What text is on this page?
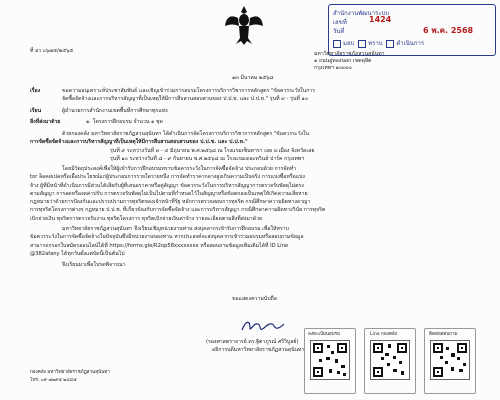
สำนักงานพัฒนาระบบ
เลขที่	1424
วันที่	6 พ.ค. 2568
มอบ ทราบ ดำเนินการ
ที่ อว ๐๖๗๕/๒๕๖๕	มหาวิทยาลัยราชภัฏสวนสุนันทา
๑ ถนนอู่ทองนอก เขตดุสิต
กรุงเทพฯ ๑๐๓๐๐
๑๓ มีนาคม ๒๕๖๘
เรื่อง	ขอความอนุเคราะห์ประชาสัมพันธ์ และเชิญเข้าร่วมการอบรมโครงการบริการวิชาการหลักสูตร "ข้อควรระวังในการ
จัดซื้อจัดจ้างและการบริหารสัญญาที่เป็นเหตุให้มีการสืบสวนสอบสวนของ ป.ป.ช. และ ป.ป.ท." รุ่นที่ ๙ - รุ่นที่ ๑๐
เรียน	ผู้อำนวยการสำนักงานเขตพื้นที่การศึกษาทุกแห่ง
สิ่งที่ส่งมาด้วย	๑. โครงการฝึกอบรม จำนวน ๑ ชุด
ด้วยกองคลัง มหาวิทยาลัยราชภัฏสวนสุนันทา ได้ดำเนินการจัดโครงการบริการวิชาการหลักสูตร "ข้อควรระวังใน
การจัดซื้อจัดจ้างและการบริหารสัญญาที่เป็นเหตุให้มีการสืบสวนสอบสวนของ ป.ป.ช. และ ป.ป.ท."
รุ่นที่ ๙ ระหว่างวันที่ ๓ - ๔ มิถุนายน พ.ศ.๒๕๖๘ ณ โรงแรมเซ็นทารา เลย อ.เมือง จังหวัดเลย
รุ่นที่ ๑๐ ระหว่างวันที่ ๘ - ๙ กันยายน พ.ศ.๒๕๖๘ ณ โรงแรมเดอะทวินส์ ปาร์ค กรุงเทพฯ
โดยมีวัตถุประสงค์เพื่อให้ผู้เข้ารับการฝึกอบรมทราบข้อควรระวังในการจัดซื้อจัดจ้าง ประกอบด้วย การจัดทำ
tor ล็อคสเปคหรือเอื้อประโยชน์แก่ผู้ประกอบการรายใดรายหนึ่ง การจัดทำราคากลางสูงเกินความเป็นจริง การแบ่งซื้อหรือแบ่ง
จ้าง ผู้ที่มีหน้าที่ดำเนินการมีส่วนได้เสียกับผู้ที่เสนอราคาหรือคู่สัญญา ข้อควรระวังในการบริหารสัญญาการตรวจรับพัสดุไม่ตรง
ตามสัญญา การลดหรืองดค่าปรับ การตรวจรับพัสดุไม่เป็นไปตามที่กำหนดไว้ในสัญญาหรือข้อตกลงเป็นเหตุให้เกิดความเสียหาย
กฎหมายว่าด้วยการป้องกันและปราบปรามการทุจริตของเจ้าหน้าที่รัฐ หลักการตรวจสอบการทุจริต กรณีศึกษาความผิดทางอาญา
การทุจริตโครงการต่างๆ กฎหมาย ป.ป.ช. ที่เกี่ยวข้องกับการจัดซื้อจัดจ้าง และการบริหารสัญญา กรณีศึกษาความผิดทางวินัย การทุจริต
เบิกจ่ายเงิน ทุจริตการตรวจรับงาน ทุจริตโครงการ ทุจริตเบิกจ่ายเงินค่าจ้าง รายละเอียดตามสิ่งที่ส่งมาด้วย
มหาวิทยาลัยราชภัฏสวนสุนันทา จึงเรียนเชิญหน่วยงานท่าน ส่งบุคลากรเข้ารับการฝึกอบรม เพื่อให้ทราบ
ข้อควรระวังในการจัดซื้อจัดจ้างในปัจจุบันซึ่งมีหน่วยงานของท่าน หากประสงค์จะส่งบุคลากรเข้าร่วมอบรมหรือสอบถามข้อมูล
สามารถกรอกใบสมัครออนไลน์ได้ที่ https://forms.gle/R2op58xxxxxxxx หรือสอบถามข้อมูลเพิ่มเติมได้ที่ ID Line
@382afany ได้ทุกวันตั้งแต่บัดนี้เป็นต้นไป
จึงเรียนมาเพื่อโปรดพิจารณา
ขอแสดงความนับถือ
(รองศาสตราจารย์ ดร.ฐิตาภูรณ์ ศรีวิบูลย์)
อธิการบดีมหาวิทยาลัยราชภัฏสวนสุนันทา
กองคลัง มหาวิทยาลัยราชภัฏสวนสุนันทา
โทร. ๐๙ ๗๒๙๕ ๒๔๔๕
ลงทะเบียนอบรม	Line กองคลัง	ติดต่อสอบถาม
